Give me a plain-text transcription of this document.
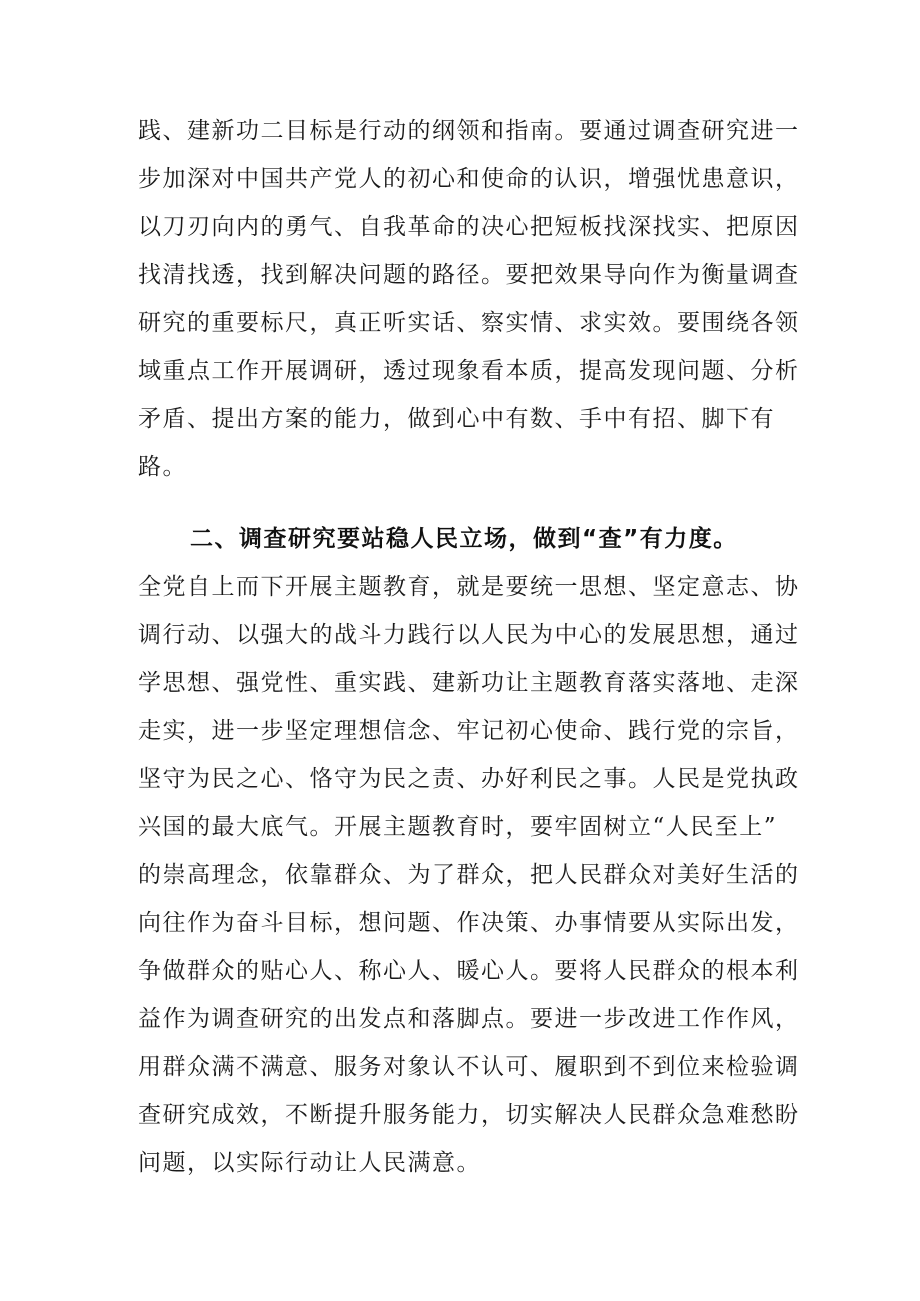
践、建新功二目标是行动的纲领和指南。要通过调查研究进一
步加深对中国共产党人的初心和使命的认识，增强忧患意识，
以刀刃向内的勇气、自我革命的决心把短板找深找实、把原因
找清找透，找到解决问题的路径。要把效果导向作为衡量调查
研究的重要标尺，真正听实话、察实情、求实效。要围绕各领
域重点工作开展调研，透过现象看本质，提高发现问题、分析
矛盾、提出方案的能力，做到心中有数、手中有招、脚下有
路。
二、调查研究要站稳人民立场，做到“查”有力度。
全党自上而下开展主题教育，就是要统一思想、坚定意志、协
调行动、以强大的战斗力践行以人民为中心的发展思想，通过
学思想、强党性、重实践、建新功让主题教育落实落地、走深
走实，进一步坚定理想信念、牢记初心使命、践行党的宗旨，
坚守为民之心、恪守为民之责、办好利民之事。人民是党执政
兴国的最大底气。开展主题教育时，要牢固树立“人民至上”
的崇高理念，依靠群众、为了群众，把人民群众对美好生活的
向往作为奋斗目标，想问题、作决策、办事情要从实际出发，
争做群众的贴心人、称心人、暖心人。要将人民群众的根本利
益作为调查研究的出发点和落脚点。要进一步改进工作作风，
用群众满不满意、服务对象认不认可、履职到不到位来检验调
查研究成效，不断提升服务能力，切实解决人民群众急难愁盼
问题，以实际行动让人民满意。
